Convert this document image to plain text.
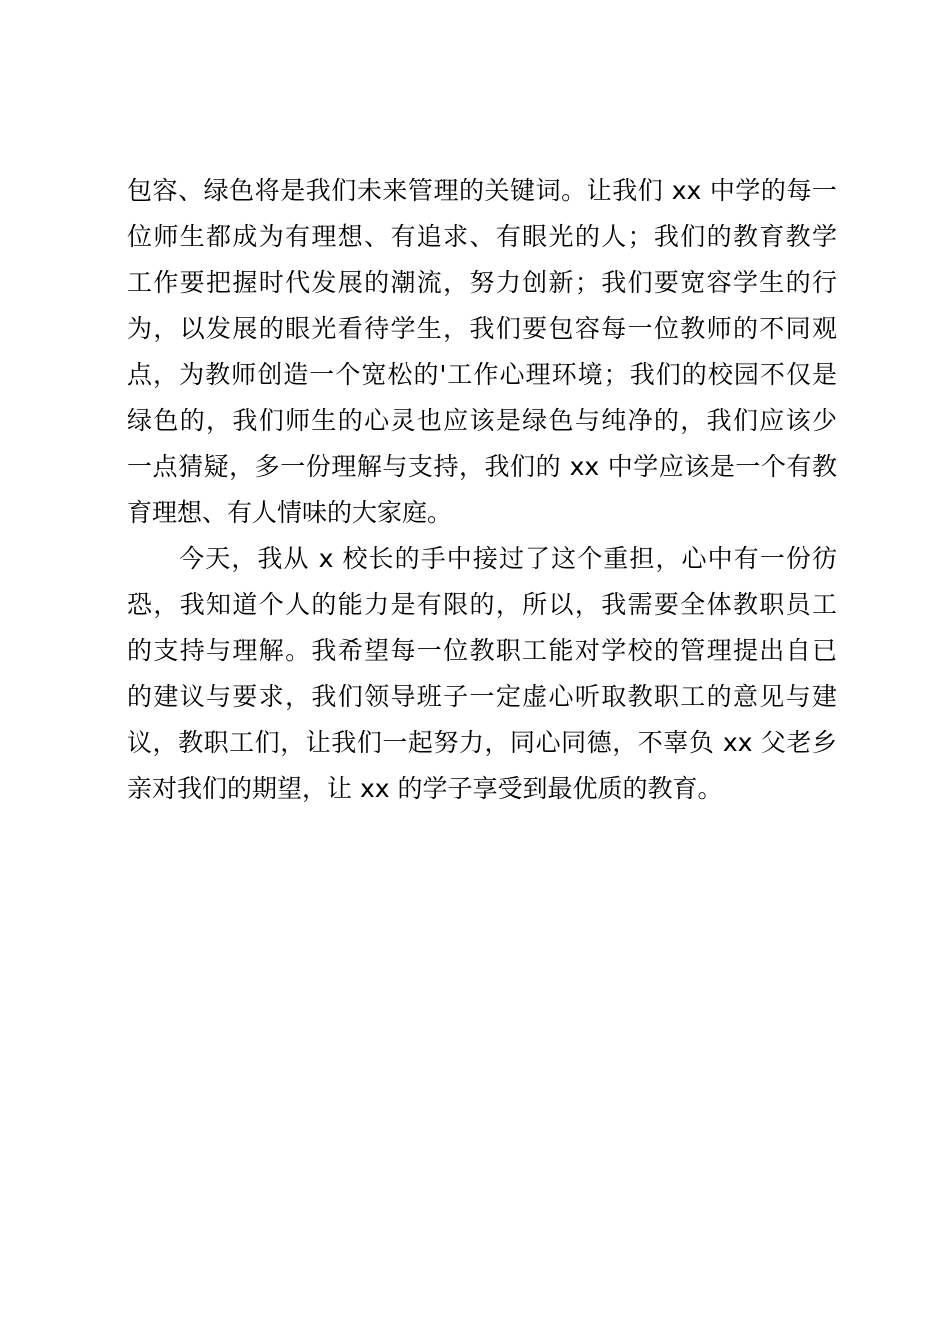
包容、绿色将是我们未来管理的关键词。让我们 xx 中学的每一
位师生都成为有理想、有追求、有眼光的人；我们的教育教学
工作要把握时代发展的潮流，努力创新；我们要宽容学生的行
为，以发展的眼光看待学生，我们要包容每一位教师的不同观
点，为教师创造一个宽松的'工作心理环境；我们的校园不仅是
绿色的，我们师生的心灵也应该是绿色与纯净的，我们应该少
一点猜疑，多一份理解与支持，我们的 xx 中学应该是一个有教
育理想、有人情味的大家庭。
　　今天，我从 x 校长的手中接过了这个重担，心中有一份彷
恐，我知道个人的能力是有限的，所以，我需要全体教职员工
的支持与理解。我希望每一位教职工能对学校的管理提出自已
的建议与要求，我们领导班子一定虚心听取教职工的意见与建
议，教职工们，让我们一起努力，同心同德，不辜负 xx 父老乡
亲对我们的期望，让 xx 的学子享受到最优质的教育。
